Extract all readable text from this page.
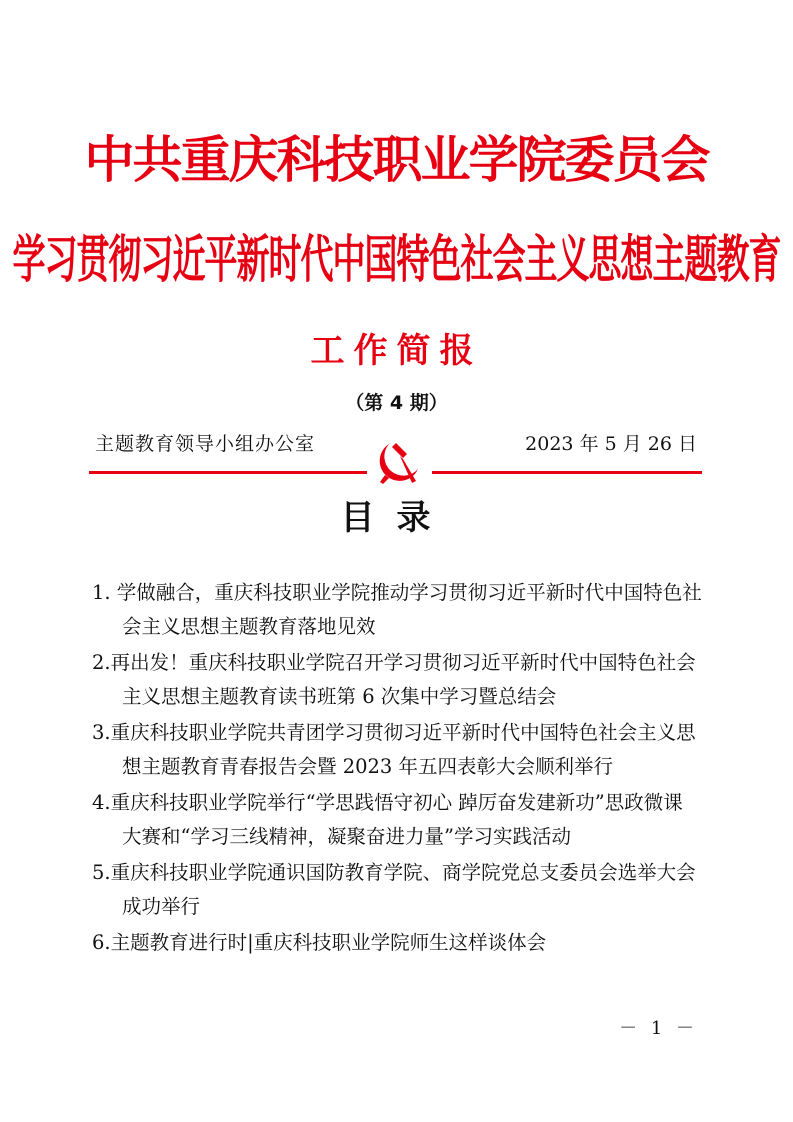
中共重庆科技职业学院委员会
学习贯彻习近平新时代中国特色社会主义思想主题教育
工作简报
（第 4 期）
主题教育领导小组办公室	2023 年 5 月 26 日
目录
1. 学做融合，重庆科技职业学院推动学习贯彻习近平新时代中国特色社会主义思想主题教育落地见效
2.再出发！重庆科技职业学院召开学习贯彻习近平新时代中国特色社会主义思想主题教育读书班第 6 次集中学习暨总结会
3.重庆科技职业学院共青团学习贯彻习近平新时代中国特色社会主义思想主题教育青春报告会暨 2023 年五四表彰大会顺利举行
4.重庆科技职业学院举行“学思践悟守初心 踔厉奋发建新功”思政微课大赛和“学习三线精神，凝聚奋进力量”学习实践活动
5.重庆科技职业学院通识国防教育学院、商学院党总支委员会选举大会成功举行
6.主题教育进行时|重庆科技职业学院师生这样谈体会
－ 1 －
